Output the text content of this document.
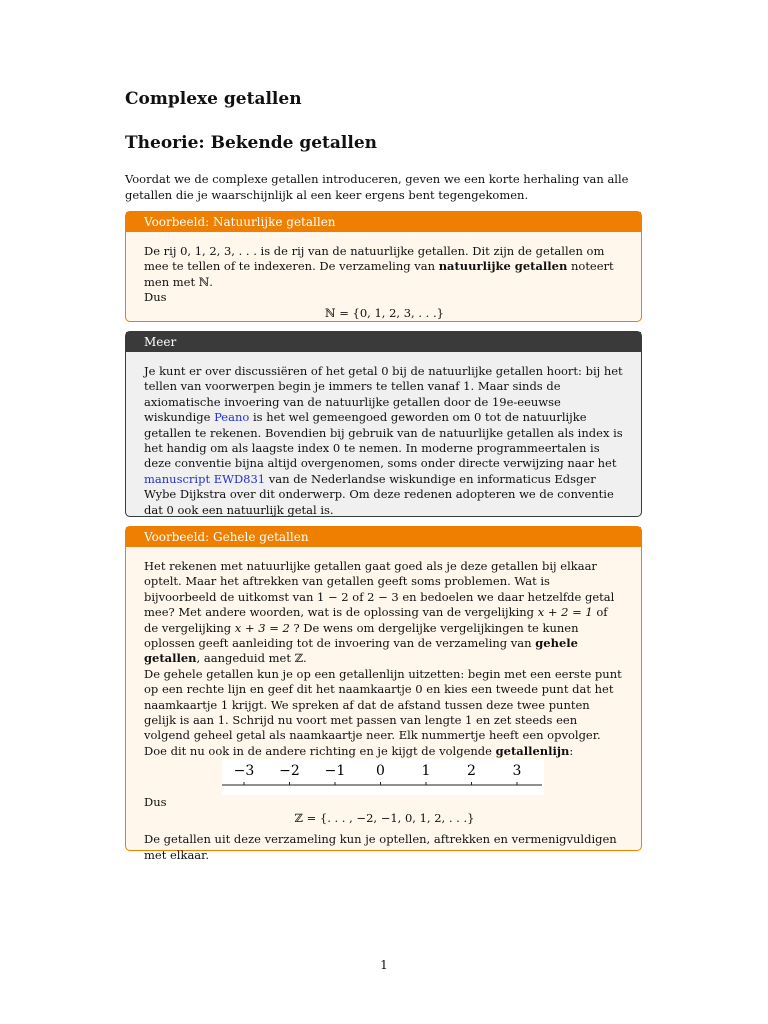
Complexe getallen
Theorie: Bekende getallen

Voordat we de complexe getallen introduceren, geven we een korte herhaling van alle getallen die je waarschijnlijk al een keer ergens bent tegengekomen.

Voorbeeld: Natuurlijke getallen

De rij 0, 1, 2, 3, . . . is de rij van de natuurlijke getallen. Dit zijn de getallen om mee te tellen of te indexeren. De verzameling van natuurlijke getallen noteert men met ℕ.

Dus

ℕ = {0, 1, 2, 3, . . .}

Meer

Je kunt er over discussiëren of het getal 0 bij de natuurlijke getallen hoort: bij het tellen van voorwerpen begin je immers te tellen vanaf 1. Maar sinds de axiomatische invoering van de natuurlijke getallen door de 19e-eeuwse wiskundige Peano is het wel gemeengoed geworden om 0 tot de natuurlijke getallen te rekenen. Bovendien bij gebruik van de natuurlijke getallen als index is het handig om als laagste index 0 te nemen. In moderne programmeertalen is deze conventie bijna altijd overgenomen, soms onder directe verwijzing naar het manuscript EWD831 van de Nederlandse wiskundige en informaticus Edsger Wybe Dijkstra over dit onderwerp. Om deze redenen adopteren we de conventie dat 0 ook een natuurlijk getal is.

Voorbeeld: Gehele getallen

Het rekenen met natuurlijke getallen gaat goed als je deze getallen bij elkaar optelt. Maar het aftrekken van getallen geeft soms problemen. Wat is bijvoorbeeld de uitkomst van 1 − 2 of 2 − 3 en bedoelen we daar hetzelfde getal mee? Met andere woorden, wat is de oplossing van de vergelijking x + 2 = 1 of de vergelijking x + 3 = 2 ? De wens om dergelijke vergelijkingen te kunen oplossen geeft aanleiding tot de invoering van de verzameling van gehele getallen, aangeduid met ℤ.

De gehele getallen kun je op een getallenlijn uitzetten: begin met een eerste punt op een rechte lijn en geef dit het naamkaartje 0 en kies een tweede punt dat het naamkaartje 1 krijgt. We spreken af dat de afstand tussen deze twee punten gelijk is aan 1. Schrijd nu voort met passen van lengte 1 en zet steeds een volgend geheel getal als naamkaartje neer. Elk nummertje heeft een opvolger. Doe dit nu ook in de andere richting en je kijgt de volgende getallenlijn:

−3 −2 −1 0	1	2	3

Dus

ℤ = {. . . , −2, −1, 0, 1, 2, . . .}

De getallen uit deze verzameling kun je optellen, aftrekken en vermenigvuldigen met elkaar.

1
